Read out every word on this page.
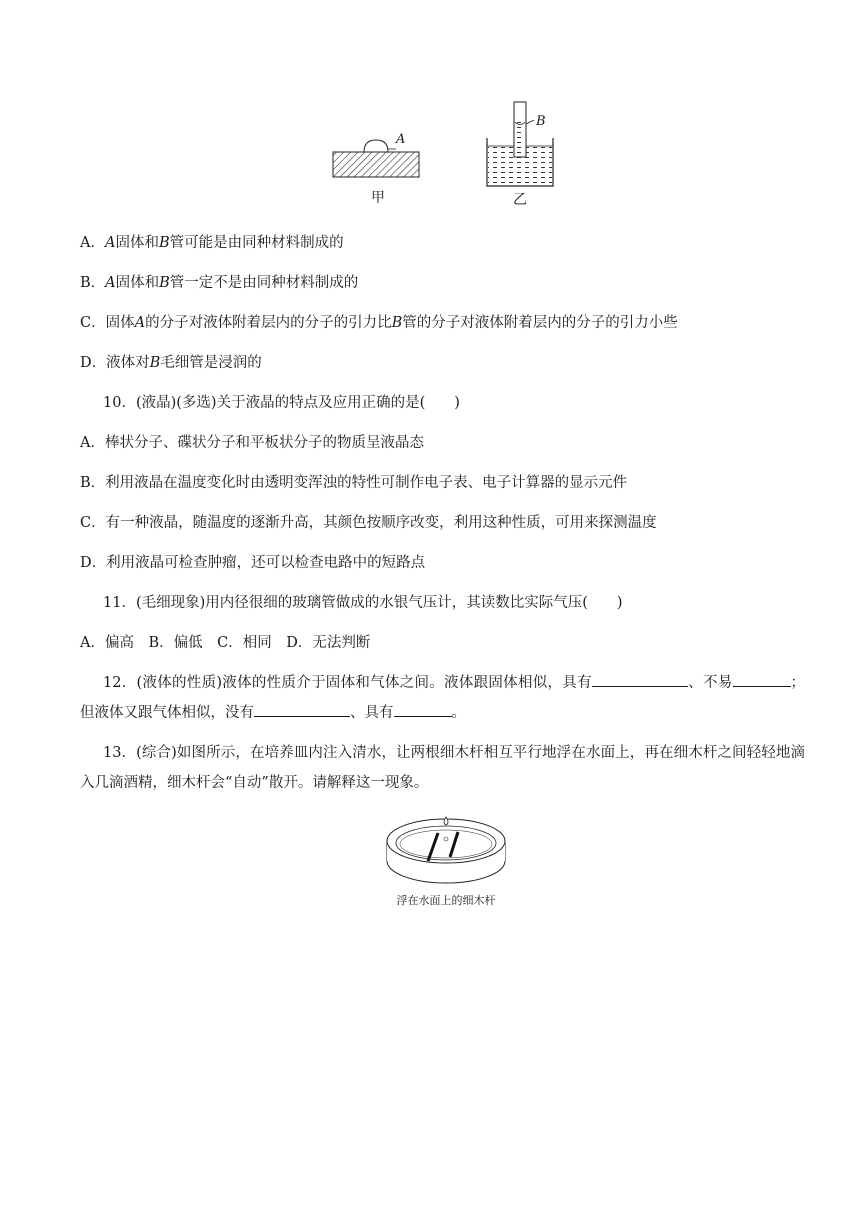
A
甲
B
乙
A．A固体和B管可能是由同种材料制成的
B．A固体和B管一定不是由同种材料制成的
C．固体A的分子对液体附着层内的分子的引力比B管的分子对液体附着层内的分子的引力小些
D．液体对B毛细管是浸润的
10．(液晶)(多选)关于液晶的特点及应用正确的是(　　)
A．棒状分子、碟状分子和平板状分子的物质呈液晶态
B．利用液晶在温度变化时由透明变浑浊的特性可制作电子表、电子计算器的显示元件
C．有一种液晶，随温度的逐渐升高，其颜色按顺序改变，利用这种性质，可用来探测温度
D．利用液晶可检查肿瘤，还可以检查电路中的短路点
11．(毛细现象)用内径很细的玻璃管做成的水银气压计，其读数比实际气压(　　)
A．偏高　B．偏低　C．相同　D．无法判断
12．(液体的性质)液体的性质介于固体和气体之间。液体跟固体相似，具有	、不易	；但液体又跟气体相似，没有	、具有	。
13．(综合)如图所示，在培养皿内注入清水，让两根细木杆相互平行地浮在水面上，再在细木杆之间轻轻地滴入几滴酒精，细木杆会“自动”散开。请解释这一现象。
浮在水面上的细木杆
